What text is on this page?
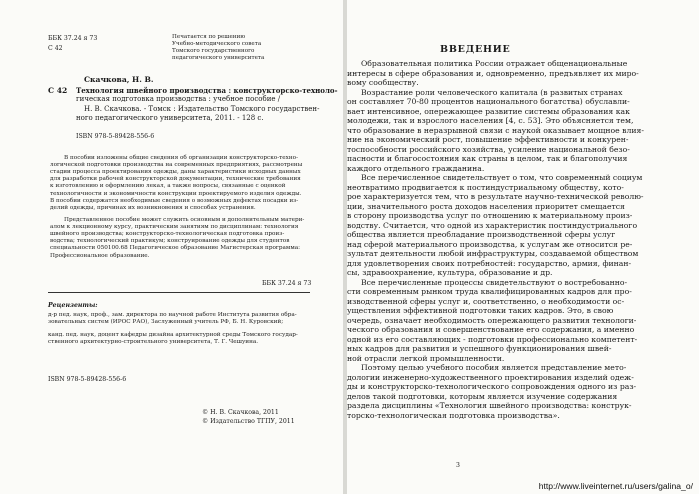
ББК 37.24 я 73

С 42

Печатается по решению

Учебно-методического совета

Томского государственного

педагогического университета

Скачкова, Н. В.

С 42 Технология швейного производства : конструкторско-техноло-

гическая подготовка производства : учебное пособие /

Н. В. Скачкова. - Томск : Издательство Томского государствен-

ного педагогического университета, 2011. - 128 с.

ISBN 978-5-89428-556-6

В пособии изложены общие сведения об организации конструкторско-техно-

логической подготовки производства на современных предприятиях, рассмотрены

стадии процесса проектирования одежды, даны характеристики исходных данных

для разработки рабочей конструкторской документации, технические требования

к изготовлению и оформлению лекал, а также вопросы, связанные с оценкой

технологичности и экономичности конструкции проектируемого изделия одежды.

В пособии содержатся необходимые сведения о возможных дефектах посадки из-

делий одежды, причинах их возникновения и способах устранения.

Представленное пособие может служить основным и дополнительным матери-

алом к лекционному курсу, практическим занятиям по дисциплинам: технология

швейного производства; конструкторско-технологическая подготовка произ-

водства; технологический практикум; конструирование одежды для студентов

специальности 050100.68 Педагогическое образование Магистерская программа:

Профессиональное образование.

ББК 37.24 я 73

Рецензенты:

д-р пед. наук, проф., зам. директора по научной работе Института развития обра-

зовательных систем (ИРОС РАО), Заслуженный учитель РФ, Б. Н. Куровский;

канд. пед. наук, доцент кафедры дизайна архитектурной среды Томского государ-

ственного архитектурно-строительного университета, Т. Г. Чешуина.

ISBN 978-5-89428-556-6

© Н. В. Скачкова, 2011

© Издательство ТГПУ, 2011

ВВЕДЕНИЕ

Образовательная политика России отражает общенациональные

интересы в сфере образования и, одновременно, предъявляет их миро-

вому сообществу.

Возрастание роли человеческого капитала (в развитых странах

он составляет 70-80 процентов национального богатства) обуславли-

вает интенсивное, опережающее развитие системы образования как

молодежи, так и взрослого населения [4, с. 53]. Это объясняется тем,

что образование в неразрывной связи с наукой оказывает мощное влия-

ние на экономический рост, повышение эффективности и конкурен-

тоспособности российского хозяйства, усиление национальной безо-

пасности и благосостояния как страны в целом, так и благополучия

каждого отдельного гражданина.

Все перечисленное свидетельствует о том, что современный социум

неотвратимо продвигается к постиндустриальному обществу, кото-

рое характеризуется тем, что в результате научно-технической револю-

ции, значительного роста доходов населения приоритет смещается

в сторону производства услуг по отношению к материальному произ-

водству. Считается, что одной из характеристик постиндустриального

общества является преобладание производственной сферы услуг

над сферой материального производства, к услугам же относится ре-

зультат деятельности любой инфраструктуры, создаваемой обществом

для удовлетворения своих потребностей: государство, армия, финан-

сы, здравоохранение, культура, образование и др.

Все перечисленные процессы свидетельствуют о востребованно-

сти современным рынком труда квалифицированных кадров для про-

изводственной сферы услуг и, соответственно, о необходимости ос-

уществления эффективной подготовки таких кадров. Это, в свою

очередь, означает необходимость опережающего развития технологи-

ческого образования и совершенствование его содержания, а именно

одной из его составляющих - подготовки профессионально компетент-

ных кадров для развития и успешного функционирования швей-

ной отрасли легкой промышленности.

Поэтому целью учебного пособия является представление мето-

дологии инженерно-художественного проектирования изделий одеж-

ды и конструкторско-технологического сопровождения одного из раз-

делов такой подготовки, которым является изучение содержания

раздела дисциплины «Технология швейного производства: конструк-

торско-технологическая подготовка производства».

3

http://www.liveinternet.ru/users/galina_o/
